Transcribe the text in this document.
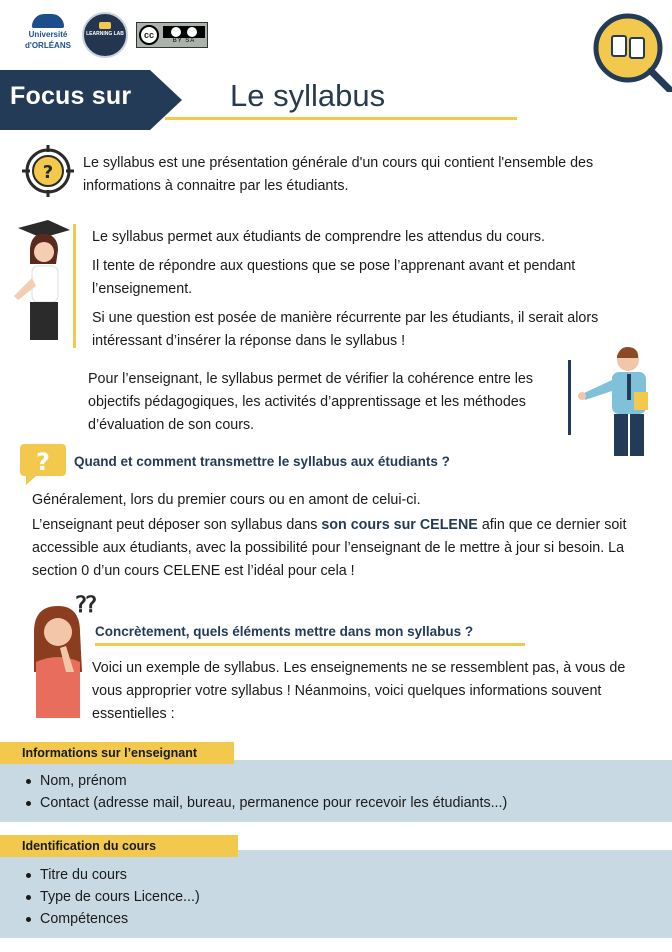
Université
d'ORLÉANS
LEARNING LAB	cc
BY SA
Focus sur	Le syllabus
? Le syllabus est une présentation générale d'un cours qui contient l'ensemble des informations à connaitre par les étudiants.

Le syllabus permet aux étudiants de comprendre les attendus du cours.

Il tente de répondre aux questions que se pose l’apprenant avant et pendant l’enseignement.

Si une question est posée de manière récurrente par les étudiants, il serait alors intéressant d’insérer la réponse dans le syllabus !

Pour l’enseignant, le syllabus permet de vérifier la cohérence entre les objectifs pédagogiques, les activités d’apprentissage et les méthodes d’évaluation de son cours.
? Quand et comment transmettre le syllabus aux étudiants ?

Généralement, lors du premier cours ou en amont de celui-ci.

L’enseignant peut déposer son syllabus dans son cours sur CELENE afin que ce dernier soit accessible aux étudiants, avec la possibilité pour l’enseignant de le mettre à jour si besoin. La section 0 d’un cours CELENE est l’idéal pour cela !

⁇
Concrètement, quels éléments mettre dans mon syllabus ?
Voici un exemple de syllabus. Les enseignements ne se ressemblent pas, à vous de vous approprier votre syllabus ! Néanmoins, voici quelques informations souvent essentielles :
Informations sur l’enseignant
Nom, prénom
Contact (adresse mail, bureau, permanence pour recevoir les étudiants...)
Identification du cours
Titre du cours
Type de cours Licence...)
Compétences
